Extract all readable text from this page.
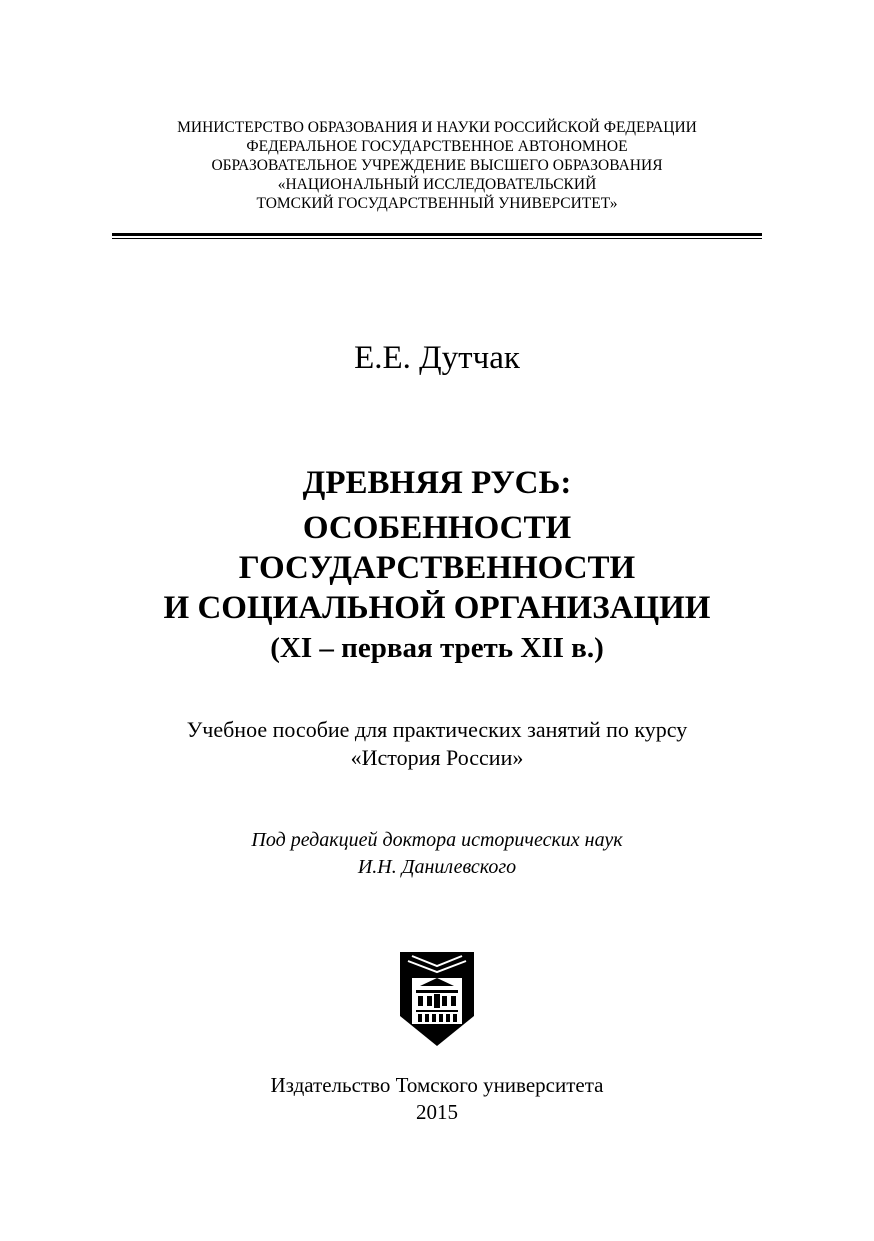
МИНИСТЕРСТВО ОБРАЗОВАНИЯ И НАУКИ РОССИЙСКОЙ ФЕДЕРАЦИИ
ФЕДЕРАЛЬНОЕ ГОСУДАРСТВЕННОЕ АВТОНОМНОЕ
ОБРАЗОВАТЕЛЬНОЕ УЧРЕЖДЕНИЕ ВЫСШЕГО ОБРАЗОВАНИЯ
«НАЦИОНАЛЬНЫЙ ИССЛЕДОВАТЕЛЬСКИЙ
ТОМСКИЙ ГОСУДАРСТВЕННЫЙ УНИВЕРСИТЕТ»
Е.Е. Дутчак
ДРЕВНЯЯ РУСЬ:
ОСОБЕННОСТИ
ГОСУДАРСТВЕННОСТИ
И СОЦИАЛЬНОЙ ОРГАНИЗАЦИИ
(XI – первая треть XII в.)
Учебное пособие для практических занятий по курсу
«История России»
Под редакцией доктора исторических наук
И.Н. Данилевского
Издательство Томского университета
2015
